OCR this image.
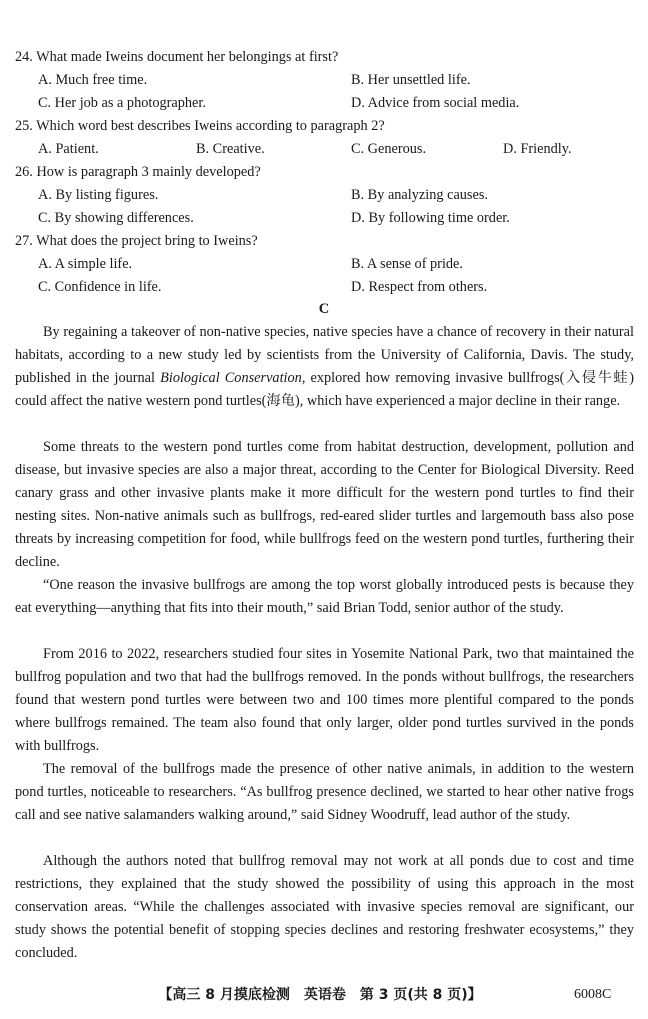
24. What made Iweins document her belongings at first?
A. Much free time.	B. Her unsettled life.
C. Her job as a photographer.	D. Advice from social media.
25. Which word best describes Iweins according to paragraph 2?
A. Patient.	B. Creative.	C. Generous.	D. Friendly.
26. How is paragraph 3 mainly developed?
A. By listing figures.	B. By analyzing causes.
C. By showing differences.	D. By following time order.
27. What does the project bring to Iweins?
A. A simple life.	B. A sense of pride.
C. Confidence in life.	D. Respect from others.
C
By regaining a takeover of non-native species, native species have a chance of recovery in their natural habitats, according to a new study led by scientists from the University of California, Davis. The study, published in the journal Biological Conservation, explored how removing invasive bullfrogs(入侵牛蛙) could affect the native western pond turtles(海龟), which have experienced a major decline in their range.
Some threats to the western pond turtles come from habitat destruction, development, pollution and disease, but invasive species are also a major threat, according to the Center for Biological Diversity. Reed canary grass and other invasive plants make it more difficult for the western pond turtles to find their nesting sites. Non-native animals such as bullfrogs, red-eared slider turtles and largemouth bass also pose threats by increasing competition for food, while bullfrogs feed on the western pond turtles, furthering their decline.
“One reason the invasive bullfrogs are among the top worst globally introduced pests is because they eat everything—anything that fits into their mouth,” said Brian Todd, senior author of the study.
From 2016 to 2022, researchers studied four sites in Yosemite National Park, two that maintained the bullfrog population and two that had the bullfrogs removed. In the ponds without bullfrogs, the researchers found that western pond turtles were between two and 100 times more plentiful compared to the ponds where bullfrogs remained. The team also found that only larger, older pond turtles survived in the ponds with bullfrogs.
The removal of the bullfrogs made the presence of other native animals, in addition to the western pond turtles, noticeable to researchers. “As bullfrog presence declined, we started to hear other native frogs call and see native salamanders walking around,” said Sidney Woodruff, lead author of the study.
Although the authors noted that bullfrog removal may not work at all ponds due to cost and time restrictions, they explained that the study showed the possibility of using this approach in the most conservation areas. “While the challenges associated with invasive species removal are significant, our study shows the potential benefit of stopping species declines and restoring freshwater ecosystems,” they concluded.
【高三 8 月摸底检测　英语卷　第 3 页(共 8 页)】	6008C
